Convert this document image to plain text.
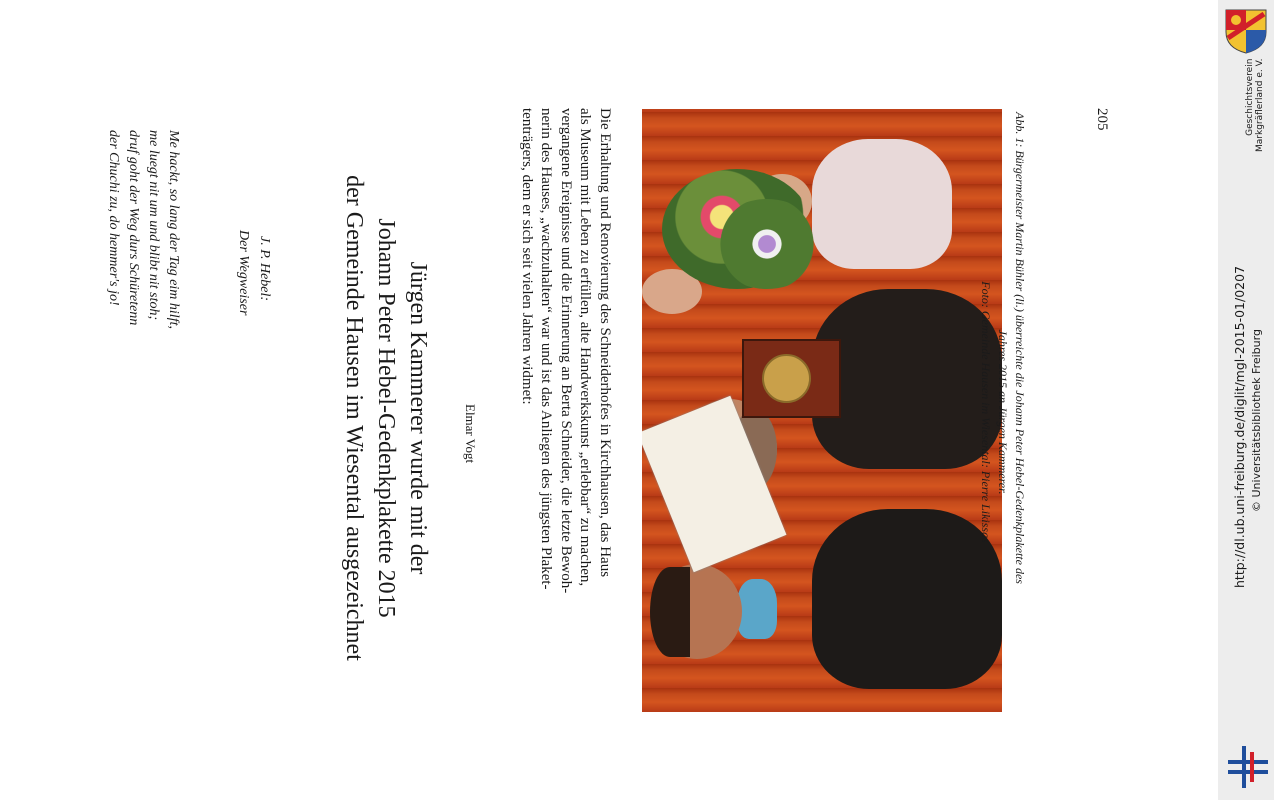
Me hackt, so lang der Tag eim hilft,
me luegt nit um und blibt nit stoh;
druf goht der Weg durs Schüretenn
der Chuchi zu, do hemmer's jo!	J. P. Hebel:
Der Wegweiser	Jürgen Kammerer wurde mit der
Johann Peter Hebel-Gedenkplakette 2015
der Gemeinde Hausen im Wiesental ausgezeichnet	Elmar Vogt	Die Erhaltung und Renovierung des Schneiderhofes in Kirchhausen, das Haus
als Museum mit Leben zu erfüllen, alte Handwerkskunst „erlebbar“ zu machen,
vergangene Ereignisse und die Erinnerung an Berta Schneider, die letzte Bewoh-
nerin des Hauses, „wachzuhalten“ war und ist das Anliegen des jüngsten Plaket-
tenträgers, dem er sich seit vielen Jahren widmet:	Abb. 1: Bürgermeister Martin Bühler (li.) überreichte die Johann Peter Hebel-Gedenkplakette des
Jahres 2015 an Jürgen Kammerer.
Foto: Gemeinde Hausen im Wiesental: Pierre Likissas
205
http://dl.ub.uni-freiburg.de/diglit/mgl-2015-01/0207 © Universitätsbibliothek Freiburg
Geschichtsverein Markgräflerland e. V.
